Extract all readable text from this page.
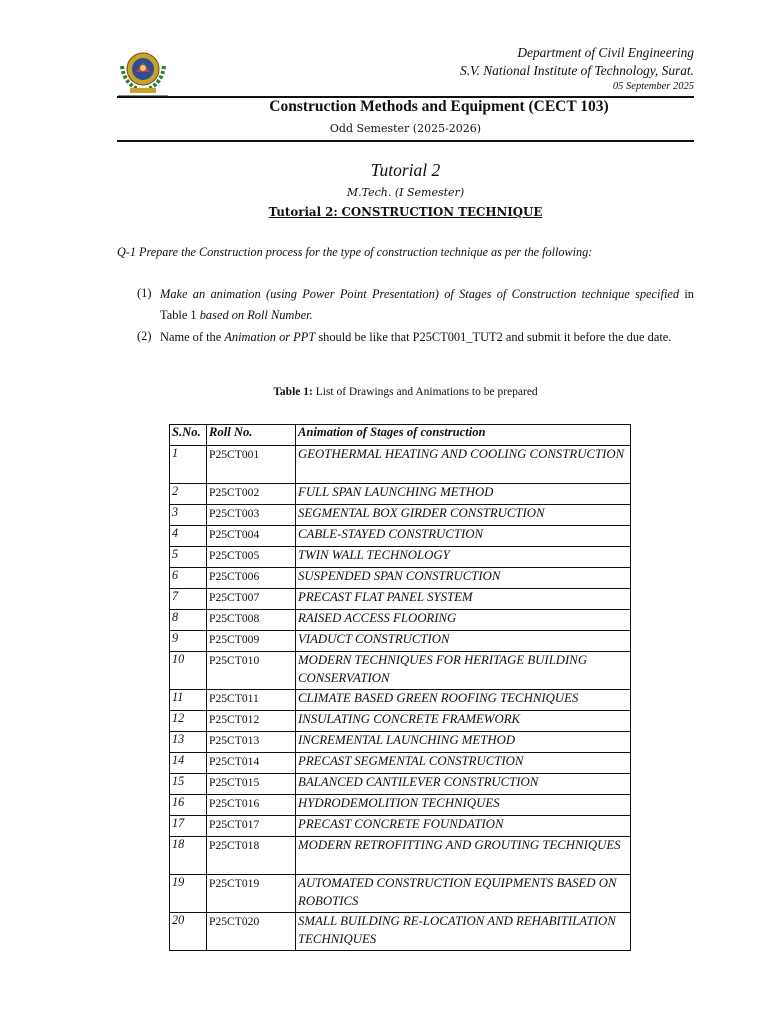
Department of Civil Engineering
S.V. National Institute of Technology, Surat.
05 September 2025
Construction Methods and Equipment (CECT 103)
Odd Semester (2025-2026)
Tutorial 2
M.Tech. (I Semester)
Tutorial 2: CONSTRUCTION TECHNIQUE
Q-1 Prepare the Construction process for the type of construction technique as per the following:
(1) Make an animation (using Power Point Presentation) of Stages of Construction technique specified in Table 1 based on Roll Number.
(2) Name of the Animation or PPT should be like that P25CT001_TUT2 and submit it before the due date.
Table 1: List of Drawings and Animations to be prepared
S.No.	Roll No.	Animation of Stages of construction
1	P25CT001	GEOTHERMAL HEATING AND COOLING CONSTRUCTION
2	P25CT002	FULL SPAN LAUNCHING METHOD
3	P25CT003	SEGMENTAL BOX GIRDER CONSTRUCTION
4	P25CT004	CABLE-STAYED CONSTRUCTION
5	P25CT005	TWIN WALL TECHNOLOGY
6	P25CT006	SUSPENDED SPAN CONSTRUCTION
7	P25CT007	PRECAST FLAT PANEL SYSTEM
8	P25CT008	RAISED ACCESS FLOORING
9	P25CT009	VIADUCT CONSTRUCTION
10	P25CT010	MODERN TECHNIQUES FOR HERITAGE BUILDING CONSERVATION
11	P25CT011	CLIMATE BASED GREEN ROOFING TECHNIQUES
12	P25CT012	INSULATING CONCRETE FRAMEWORK
13	P25CT013	INCREMENTAL LAUNCHING METHOD
14	P25CT014	PRECAST SEGMENTAL CONSTRUCTION
15	P25CT015	BALANCED CANTILEVER CONSTRUCTION
16	P25CT016	HYDRODEMOLITION TECHNIQUES
17	P25CT017	PRECAST CONCRETE FOUNDATION
18	P25CT018	MODERN RETROFITTING AND GROUTING TECHNIQUES
19	P25CT019	AUTOMATED CONSTRUCTION EQUIPMENTS BASED ON ROBOTICS
20	P25CT020	SMALL BUILDING RE-LOCATION AND REHABITILATION TECHNIQUES
